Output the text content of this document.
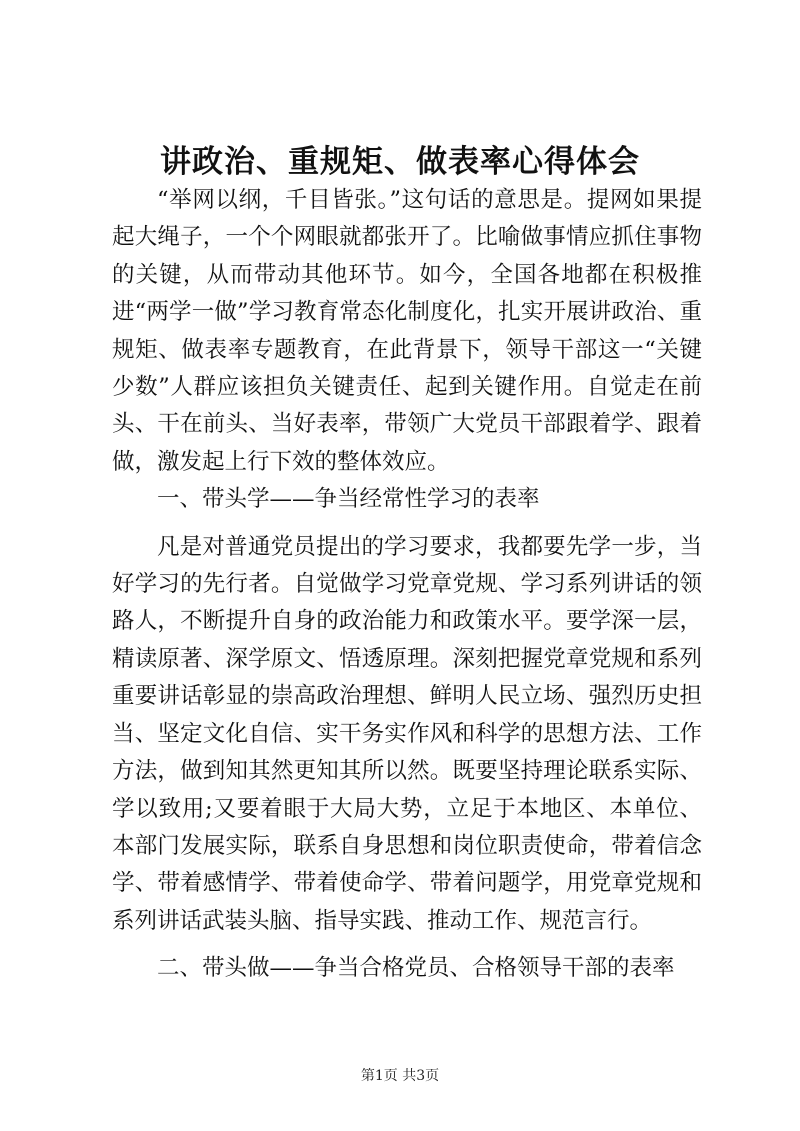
讲政治、重规矩、做表率心得体会

“举网以纲，千目皆张。”这句话的意思是。提网如果提起大绳子，一个个网眼就都张开了。比喻做事情应抓住事物的关键，从而带动其他环节。如今，全国各地都在积极推进“两学一做”学习教育常态化制度化，扎实开展讲政治、重规矩、做表率专题教育，在此背景下，领导干部这一“关键少数”人群应该担负关键责任、起到关键作用。自觉走在前头、干在前头、当好表率，带领广大党员干部跟着学、跟着做，激发起上行下效的整体效应。

一、带头学——争当经常性学习的表率

凡是对普通党员提出的学习要求，我都要先学一步，当好学习的先行者。自觉做学习党章党规、学习系列讲话的领路人，不断提升自身的政治能力和政策水平。要学深一层，精读原著、深学原文、悟透原理。深刻把握党章党规和系列重要讲话彰显的崇高政治理想、鲜明人民立场、强烈历史担当、坚定文化自信、实干务实作风和科学的思想方法、工作方法，做到知其然更知其所以然。既要坚持理论联系实际、学以致用;又要着眼于大局大势，立足于本地区、本单位、本部门发展实际，联系自身思想和岗位职责使命，带着信念学、带着感情学、带着使命学、带着问题学，用党章党规和系列讲话武装头脑、指导实践、推动工作、规范言行。

二、带头做——争当合格党员、合格领导干部的表率

第1页 共3页
